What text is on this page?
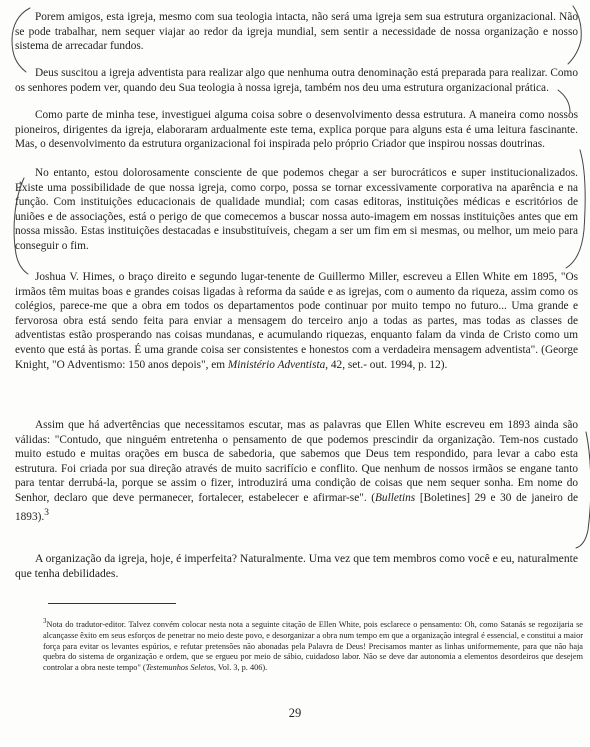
Porem amigos, esta igreja, mesmo com sua teologia intacta, não será uma igreja sem sua estrutura organizacional. Não se pode trabalhar, nem sequer viajar ao redor da igreja mundial, sem sentir a necessidade de nossa organização e nosso sistema de arrecadar fundos.

Deus suscitou a igreja adventista para realizar algo que nenhuma outra denominação está preparada para realizar. Como os senhores podem ver, quando deu Sua teologia à nossa igreja, também nos deu uma estrutura organizacional prática.

Como parte de minha tese, investiguei alguma coisa sobre o desenvolvimento dessa estrutura. A maneira como nossos pioneiros, dirigentes da igreja, elaboraram ardualmente este tema, explica porque para alguns esta é uma leitura fascinante. Mas, o desenvolvimento da estrutura organizacional foi inspirada pelo próprio Criador que inspirou nossas doutrinas.

No entanto, estou dolorosamente consciente de que podemos chegar a ser burocráticos e super institucionalizados. Existe uma possibilidade de que nossa igreja, como corpo, possa se tornar excessivamente corporativa na aparência e na função. Com instituições educacionais de qualidade mundial; com casas editoras, instituições médicas e escritórios de uniões e de associações, está o perigo de que comecemos a buscar nossa auto-imagem em nossas instituições antes que em nossa missão. Estas instituições destacadas e insubstituíveis, chegam a ser um fim em si mesmas, ou melhor, um meio para conseguir o fim.

Joshua V. Himes, o braço direito e segundo lugar-tenente de Guillermo Miller, escreveu a Ellen White em 1895, "Os irmãos têm muitas boas e grandes coisas ligadas à reforma da saúde e as igrejas, com o aumento da riqueza, assim como os colégios, parece-me que a obra em todos os departamentos pode continuar por muito tempo no futuro... Uma grande e fervorosa obra está sendo feita para enviar a mensagem do terceiro anjo a todas as partes, mas todas as classes de adventistas estão prosperando nas coisas mundanas, e acumulando riquezas, enquanto falam da vinda de Cristo como um evento que está às portas. É uma grande coisa ser consistentes e honestos com a verdadeira mensagem adventista". (George Knight, "O Adventismo: 150 anos depois", em Ministério Adventista, 42, set.- out. 1994, p. 12).

Assim que há advertências que necessitamos escutar, mas as palavras que Ellen White escreveu em 1893 ainda são válidas: "Contudo, que ninguém entretenha o pensamento de que podemos prescindir da organização. Tem-nos custado muito estudo e muitas orações em busca de sabedoria, que sabemos que Deus tem respondido, para levar a cabo esta estrutura. Foi criada por sua direção através de muito sacrifício e conflito. Que nenhum de nossos irmãos se engane tanto para tentar derrubá-la, porque se assim o fizer, introduzirá uma condição de coisas que nem sequer sonha. Em nome do Senhor, declaro que deve permanecer, fortalecer, estabelecer e afirmar-se". (Bulletins [Boletines] 29 e 30 de janeiro de 1893).$^3$

A organização da igreja, hoje, é imperfeita? Naturalmente. Uma vez que tem membros como você e eu, naturalmente que tenha debilidades.

$^3$Nota do tradutor-editor. Talvez convém colocar nesta nota a seguinte citação de Ellen White, pois esclarece o pensamento: Oh, como Satanás se regozijaria se alcançasse êxito em seus esforços de penetrar no meio deste povo, e desorganizar a obra num tempo em que a organização integral é essencial, e constitui a maior força para evitar os levantes espúrios, e refutar pretensões não abonadas pela Palavra de Deus! Precisamos manter as linhas uniformemente, para que não haja quebra do sistema de organização e ordem, que se ergueu por meio de sábio, cuidadoso labor. Não se deve dar autonomia a elementos desordeiros que desejem controlar a obra neste tempo" (Testemunhos Seletos, Vol. 3, p. 406).

29
